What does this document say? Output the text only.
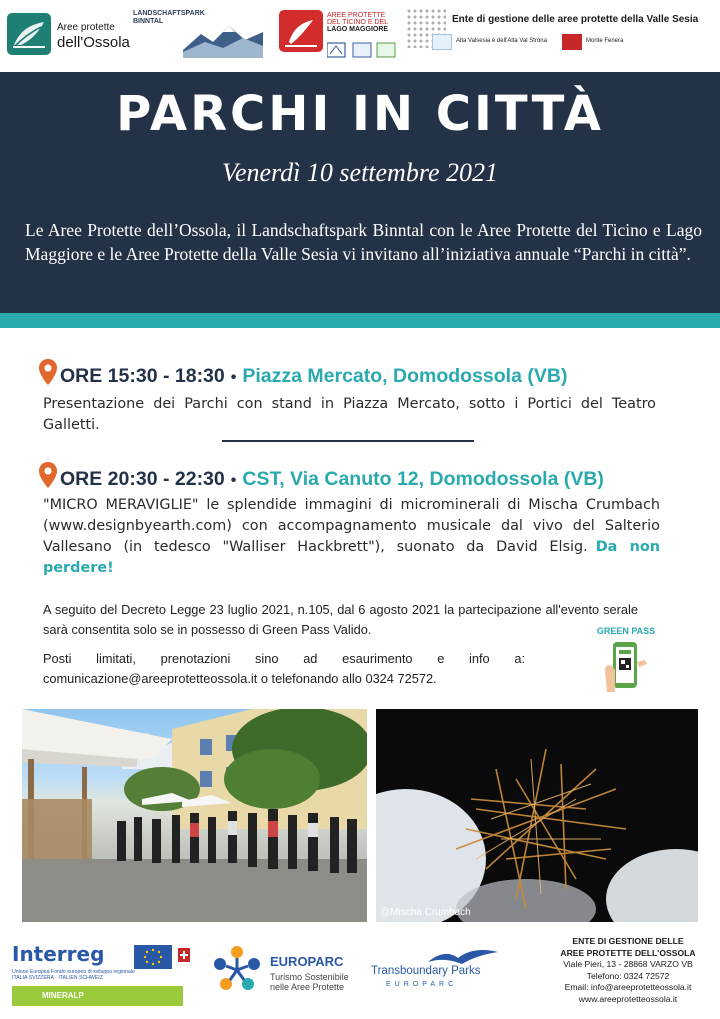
Aree protette
dell'Ossola
LANDSCHAFTSPARK BINNTAL
AREE PROTETTE
DEL TICINO E DEL
LAGO MAGGIORE
Ente di gestione delle aree protette della Valle Sesia
Alta Valsesia e dell'Alta Val Strona	Monte Fenera
PARCHI IN CITTÀ
Venerdì 10 settembre 2021
Le Aree Protette dell’Ossola, il Landschaftspark Binntal con le Aree Protette del Ticino e Lago Maggiore e le Aree Protette della Valle Sesia vi invitano all’iniziativa annuale “Parchi in città”.
ORE 15:30 - 18:30 • Piazza Mercato, Domodossola (VB)
Presentazione dei Parchi con stand in Piazza Mercato, sotto i Portici del Teatro Galletti.
ORE 20:30 - 22:30 • CST, Via Canuto 12, Domodossola (VB)
"MICRO MERAVIGLIE" le splendide immagini di microminerali di Mischa Crumbach (www.designbyearth.com) con accompagnamento musicale dal vivo del Salterio Vallesano (in tedesco "Walliser Hackbrett"), suonato da David Elsig. Da non perdere!
A seguito del Decreto Legge 23 luglio 2021, n.105, dal 6 agosto 2021 la partecipazione all'evento serale sarà consentita solo se in possesso di Green Pass Valido.
Posti limitati, prenotazioni sino ad esaurimento e info a: comunicazione@areeprotetteossola.it o telefonando allo 0324 72572.
GREEN PASS
@Mischa Crumbach
Interreg
Unione Europea Fondo europeo di sviluppo regionale
ITALIA SVIZZERA · ITALIEN SCHWEIZ
MINERALP
EUROPARC
Turismo Sostenibile
nelle Aree Protette
Transboundary Parks
EUROPARC
ENTE DI GESTIONE DELLE
AREE PROTETTE DELL'OSSOLA
Viale Pieri, 13 - 28868 VARZO VB
Telefono: 0324 72572
Email: info@areeprotetteossola.it
www.areeprotetteossola.it
